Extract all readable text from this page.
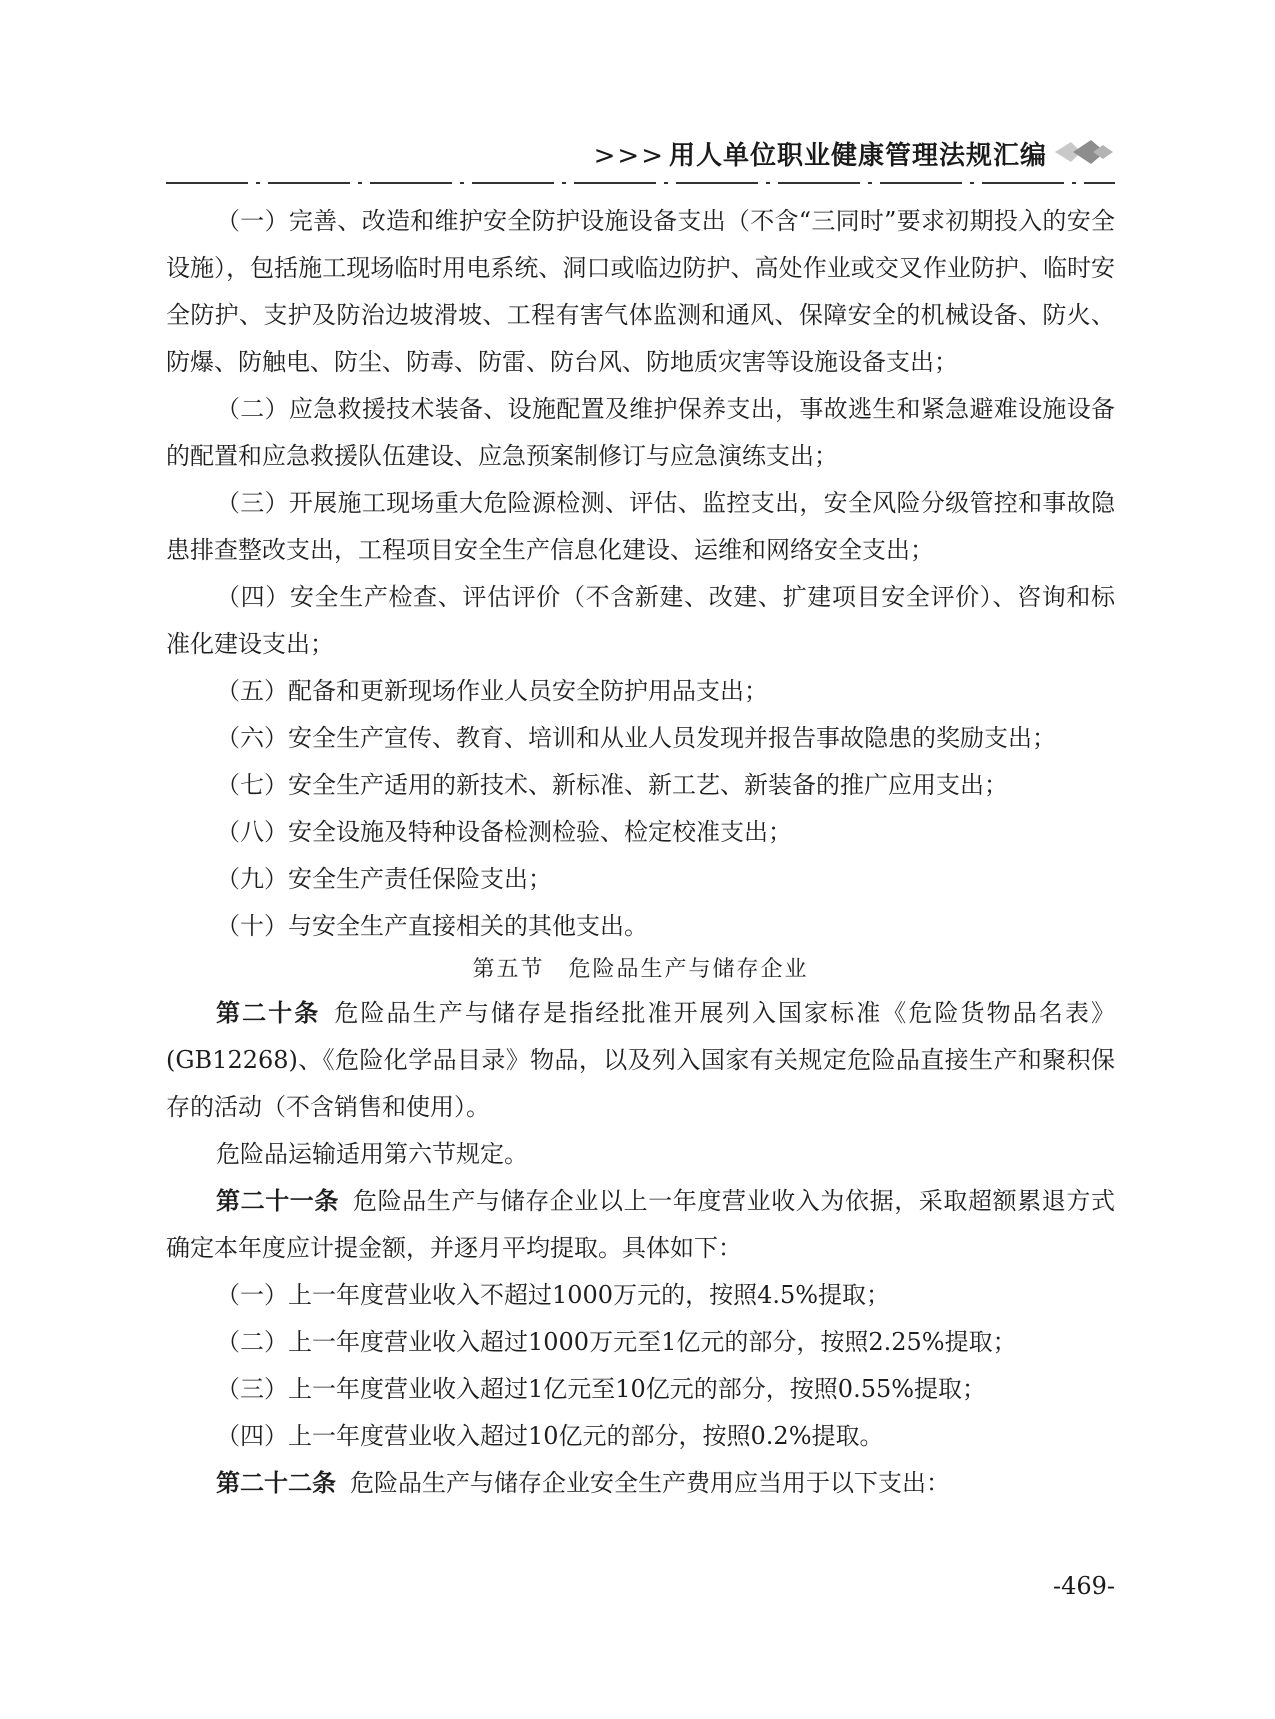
>>> 用人单位职业健康管理法规汇编

（一）完善、改造和维护安全防护设施设备支出（不含“三同时”要求初期投入的安全设施），包括施工现场临时用电系统、洞口或临边防护、高处作业或交叉作业防护、临时安全防护、支护及防治边坡滑坡、工程有害气体监测和通风、保障安全的机械设备、防火、防爆、防触电、防尘、防毒、防雷、防台风、防地质灾害等设施设备支出；

（二）应急救援技术装备、设施配置及维护保养支出，事故逃生和紧急避难设施设备的配置和应急救援队伍建设、应急预案制修订与应急演练支出；

（三）开展施工现场重大危险源检测、评估、监控支出，安全风险分级管控和事故隐患排查整改支出，工程项目安全生产信息化建设、运维和网络安全支出；

（四）安全生产检查、评估评价（不含新建、改建、扩建项目安全评价）、咨询和标准化建设支出；

（五）配备和更新现场作业人员安全防护用品支出；

（六）安全生产宣传、教育、培训和从业人员发现并报告事故隐患的奖励支出；

（七）安全生产适用的新技术、新标准、新工艺、新装备的推广应用支出；

（八）安全设施及特种设备检测检验、检定校准支出；

（九）安全生产责任保险支出；

（十）与安全生产直接相关的其他支出。

第五节　危险品生产与储存企业

第二十条 危险品生产与储存是指经批准开展列入国家标准《危险货物品名表》(GB12268)、《危险化学品目录》物品，以及列入国家有关规定危险品直接生产和聚积保存的活动（不含销售和使用）。

危险品运输适用第六节规定。

第二十一条 危险品生产与储存企业以上一年度营业收入为依据，采取超额累退方式确定本年度应计提金额，并逐月平均提取。具体如下：

（一）上一年度营业收入不超过1000万元的，按照4.5%提取；

（二）上一年度营业收入超过1000万元至1亿元的部分，按照2.25%提取；

（三）上一年度营业收入超过1亿元至10亿元的部分，按照0.55%提取；

（四）上一年度营业收入超过10亿元的部分，按照0.2%提取。

第二十二条 危险品生产与储存企业安全生产费用应当用于以下支出：

-469-
